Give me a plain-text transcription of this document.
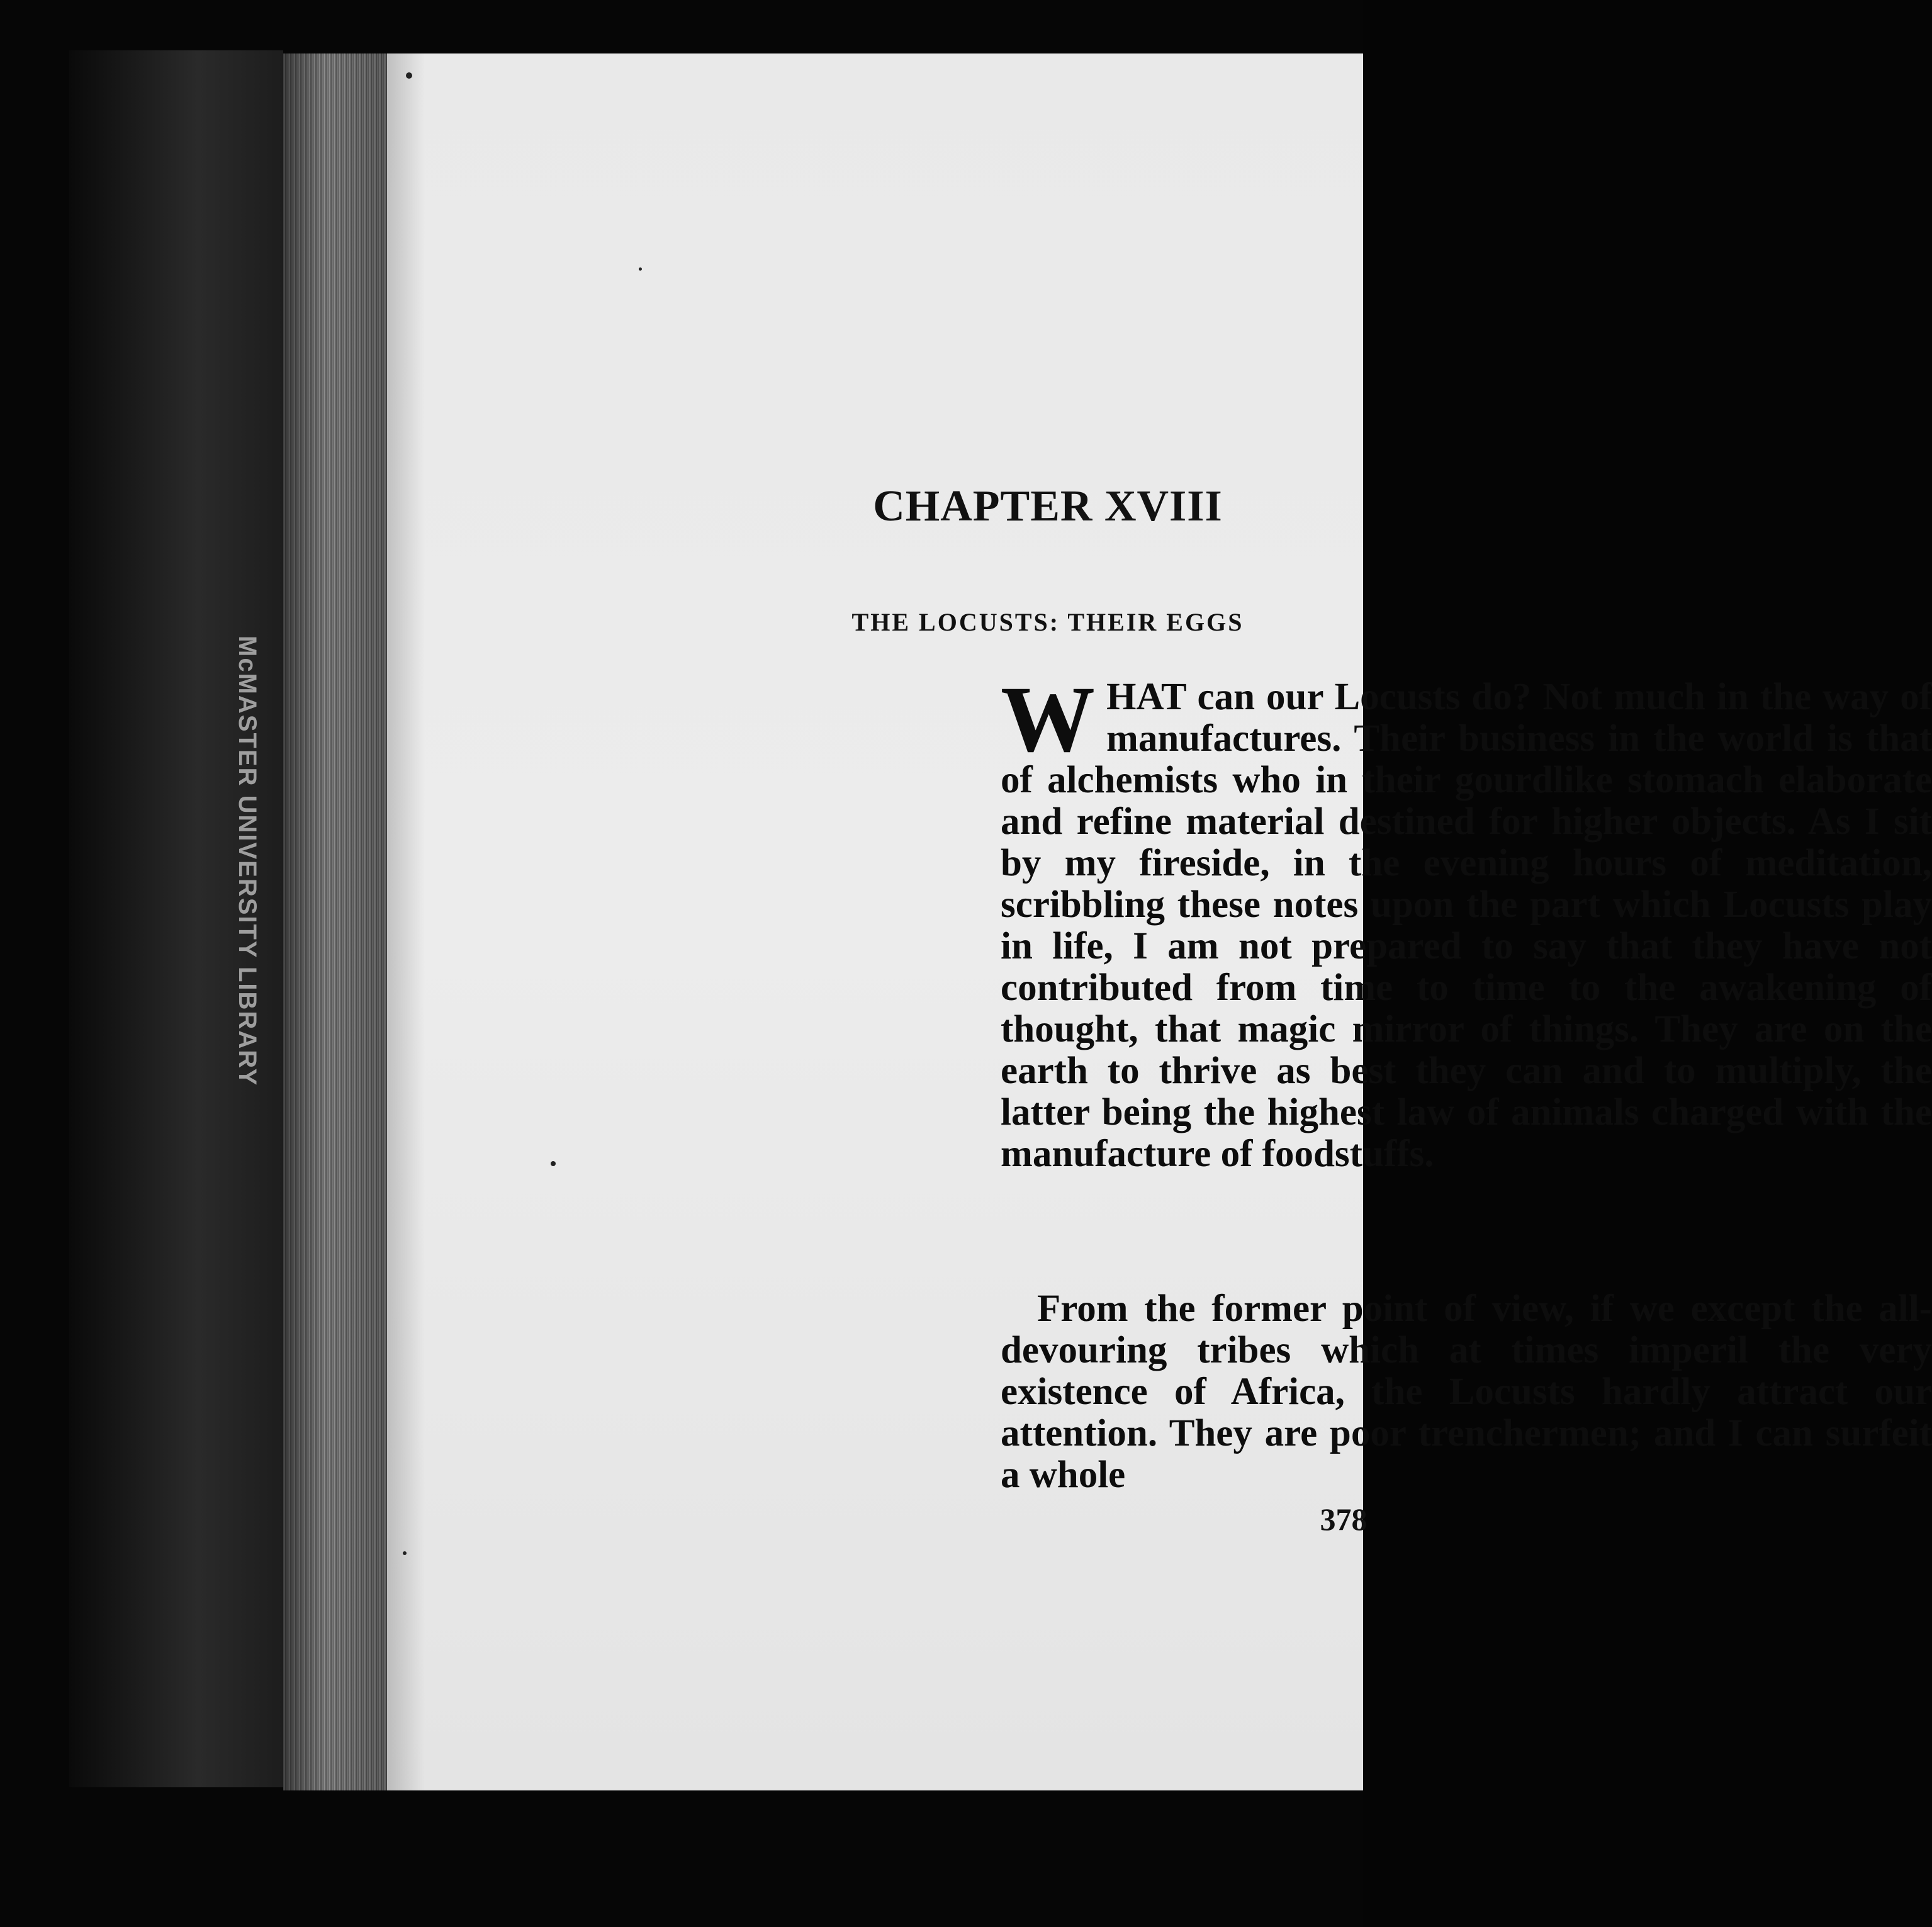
McMASTER UNIVERSITY LIBRARY
CHAPTER XVIII
THE LOCUSTS: THEIR EGGS

WHAT can our Locusts do? Not much in the way of manufactures. Their business in the world is that of alchemists who in their gourdlike stomach elaborate and refine material destined for higher objects. As I sit by my fireside, in the evening hours of meditation, scribbling these notes upon the part which Locusts play in life, I am not prepared to say that they have not contributed from time to time to the awakening of thought, that magic mirror of things. They are on the earth to thrive as best they can and to multiply, the latter being the highest law of animals charged with the manufacture of foodstuffs.

From the former point of view, if we except the all-devouring tribes which at times imperil the very existence of Africa, the Locusts hardly attract our attention. They are poor trenchermen; and I can surfeit a whole

378
